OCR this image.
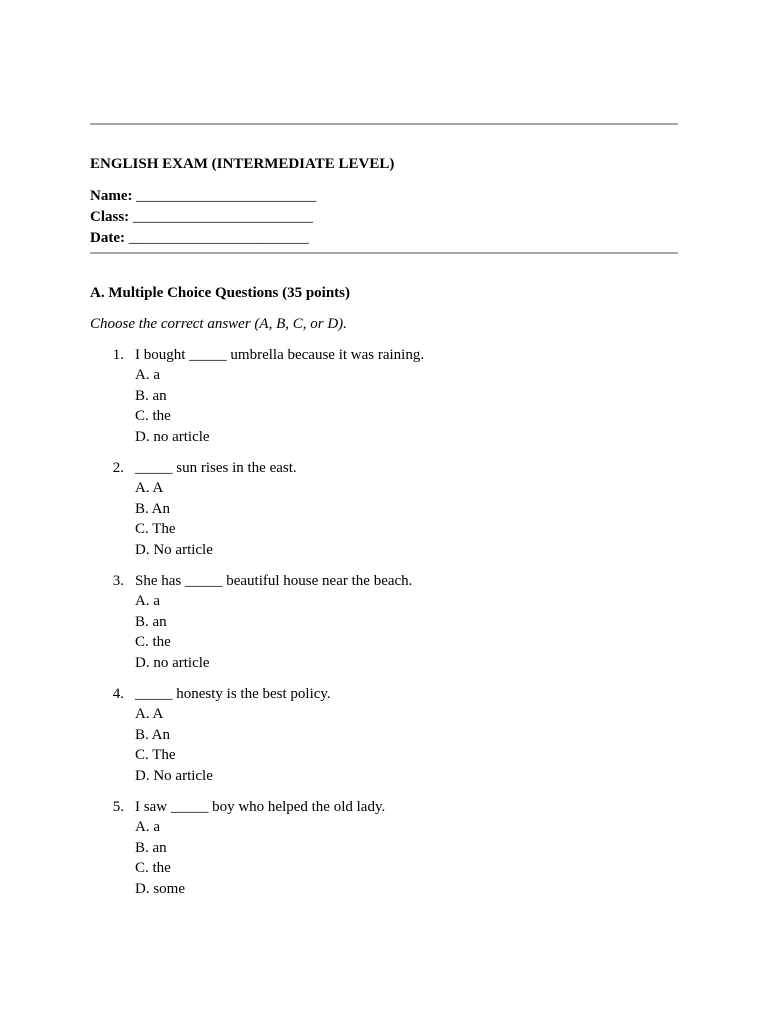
ENGLISH EXAM (INTERMEDIATE LEVEL)
Name: ________________________
Class: ________________________
Date: ________________________
A. Multiple Choice Questions (35 points)
Choose the correct answer (A, B, C, or D).
1. I bought _____ umbrella because it was raining.
A. a
B. an
C. the
D. no article
2. _____ sun rises in the east.
A. A
B. An
C. The
D. No article
3. She has _____ beautiful house near the beach.
A. a
B. an
C. the
D. no article
4. _____ honesty is the best policy.
A. A
B. An
C. The
D. No article
5. I saw _____ boy who helped the old lady.
A. a
B. an
C. the
D. some
